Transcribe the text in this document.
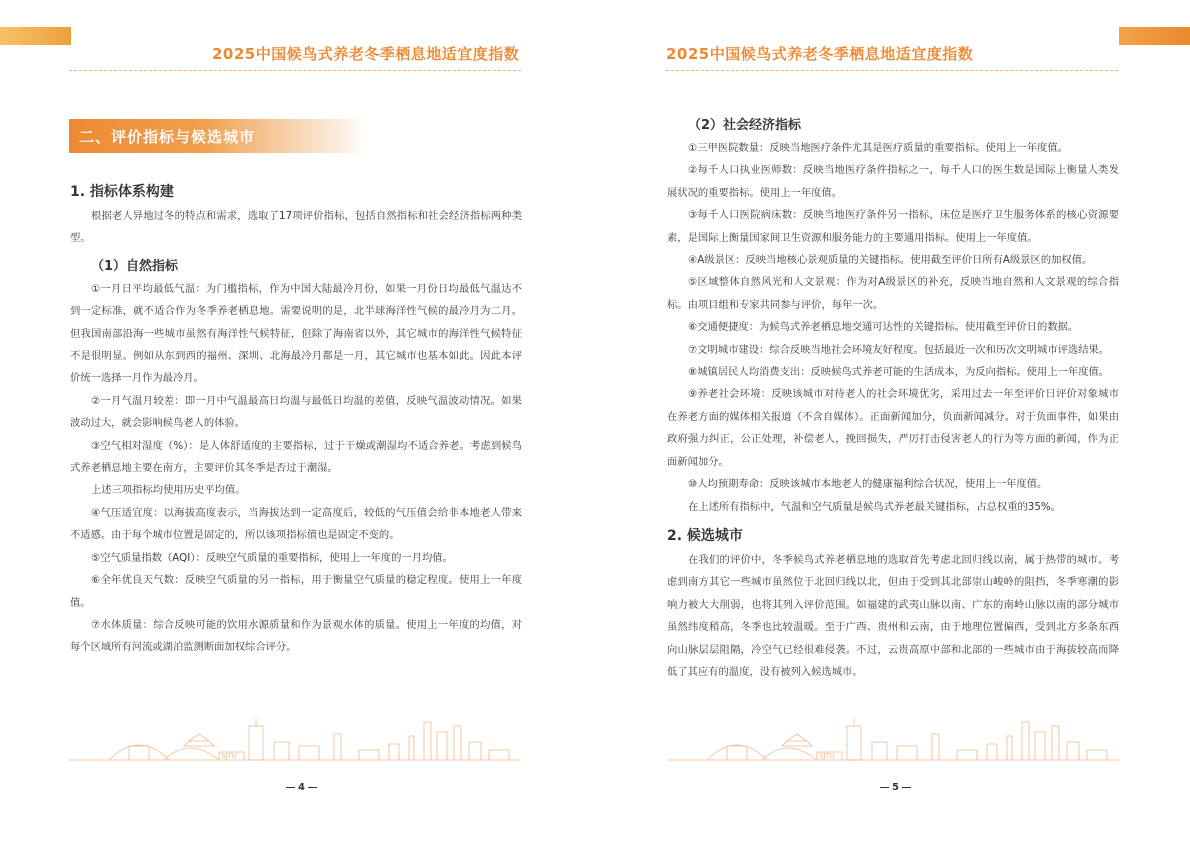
2025中国候鸟式养老冬季栖息地适宜度指数
二、评价指标与候选城市
1. 指标体系构建

根据老人异地过冬的特点和需求，选取了17项评价指标，包括自然指标和社会经济指标两种类型。

（1）自然指标

①一月日平均最低气温：为门槛指标，作为中国大陆最冷月份，如果一月份日均最低气温达不到一定标准，就不适合作为冬季养老栖息地。需要说明的是，北半球海洋性气候的最冷月为二月。但我国南部沿海一些城市虽然有海洋性气候特征，但除了海南省以外，其它城市的海洋性气候特征不是很明显。例如从东到西的福州、深圳、北海最冷月都是一月，其它城市也基本如此。因此本评价统一选择一月作为最冷月。

②一月气温月较差：即一月中气温最高日均温与最低日均温的差值，反映气温波动情况。如果波动过大，就会影响候鸟老人的体验。

③空气相对湿度（%）：是人体舒适度的主要指标，过于干燥或潮湿均不适合养老。考虑到候鸟式养老栖息地主要在南方，主要评价其冬季是否过于潮湿。

上述三项指标均使用历史平均值。

④气压适宜度：以海拔高度表示，当海拔达到一定高度后，较低的气压值会给非本地老人带来不适感。由于每个城市位置是固定的，所以该项指标值也是固定不变的。

⑤空气质量指数（AQI）：反映空气质量的重要指标，使用上一年度的一月均值。

⑥全年优良天气数：反映空气质量的另一指标，用于衡量空气质量的稳定程度。使用上一年度值。

⑦水体质量：综合反映可能的饮用水源质量和作为景观水体的质量。使用上一年度的均值，对每个区域所有河流或湖泊监测断面加权综合评分。

SJTU
4
2025中国候鸟式养老冬季栖息地适宜度指数
（2）社会经济指标

①三甲医院数量：反映当地医疗条件尤其是医疗质量的重要指标。使用上一年度值。

②每千人口执业医师数：反映当地医疗条件指标之一，每千人口的医生数是国际上衡量人类发展状况的重要指标。使用上一年度值。

③每千人口医院病床数：反映当地医疗条件另一指标，床位是医疗卫生服务体系的核心资源要素，是国际上衡量国家间卫生资源和服务能力的主要通用指标。使用上一年度值。

④A级景区：反映当地核心景观质量的关键指标。使用截至评价日所有A级景区的加权值。

⑤区域整体自然风光和人文景观：作为对A级景区的补充，反映当地自然和人文景观的综合指标。由项目组和专家共同参与评价，每年一次。

⑥交通便捷度：为候鸟式养老栖息地交通可达性的关键指标。使用截至评价日的数据。

⑦文明城市建设：综合反映当地社会环境友好程度。包括最近一次和历次文明城市评选结果。

⑧城镇居民人均消费支出：反映候鸟式养老可能的生活成本，为反向指标。使用上一年度值。

⑨养老社会环境：反映该城市对待老人的社会环境优劣，采用过去一年至评价日评价对象城市在养老方面的媒体相关报道（不含自媒体）。正面新闻加分，负面新闻减分。对于负面事件，如果由政府强力纠正，公正处理，补偿老人，挽回损失，严厉打击侵害老人的行为等方面的新闻，作为正面新闻加分。

⑩人均预期寿命：反映该城市本地老人的健康福利综合状况，使用上一年度值。

在上述所有指标中，气温和空气质量是候鸟式养老最关键指标，占总权重的35%。

2. 候选城市

在我们的评价中，冬季候鸟式养老栖息地的选取首先考虑北回归线以南，属于热带的城市。考虑到南方其它一些城市虽然位于北回归线以北，但由于受到其北部崇山峻岭的阻挡，冬季寒潮的影响力被大大削弱，也将其列入评价范围。如福建的武夷山脉以南、广东的南岭山脉以南的部分城市虽然纬度稍高，冬季也比较温暖。至于广西、贵州和云南，由于地理位置偏西，受到北方多条东西向山脉层层阻隔，冷空气已经很难侵袭。不过，云贵高原中部和北部的一些城市由于海拔较高而降低了其应有的温度，没有被列入候选城市。

SJTU
5
